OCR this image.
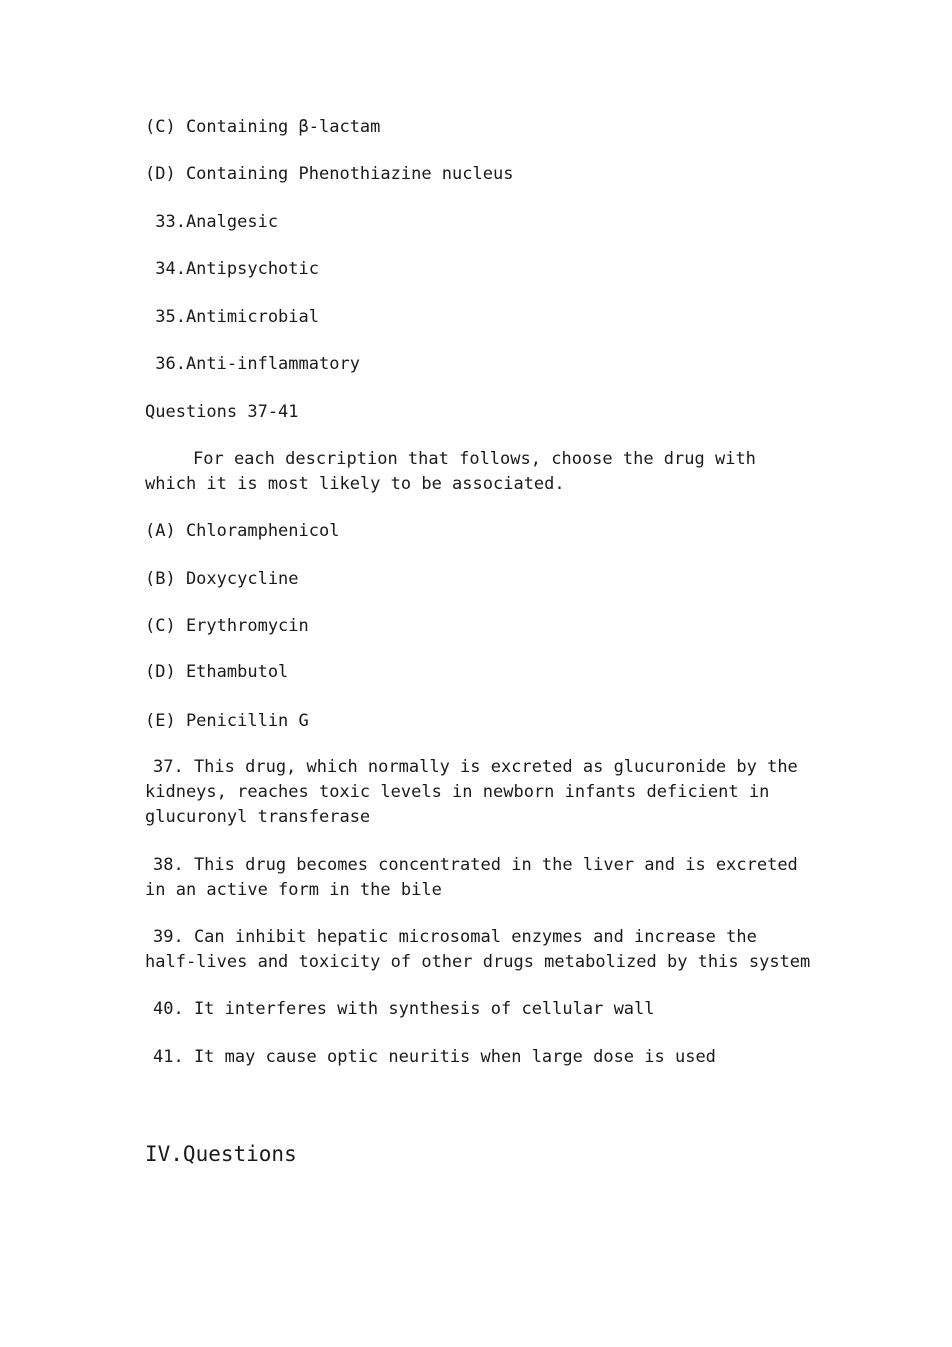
(C) Containing β-lactam
(D) Containing Phenothiazine nucleus
33.Analgesic
34.Antipsychotic
35.Antimicrobial
36.Anti-inflammatory
Questions 37-41
For each description that follows, choose the drug with which it is most likely to be associated.
(A) Chloramphenicol
(B) Doxycycline
(C) Erythromycin
(D) Ethambutol
(E) Penicillin G
37. This drug, which normally is excreted as glucuronide by the kidneys, reaches toxic levels in newborn infants deficient in glucuronyl transferase
38. This drug becomes concentrated in the liver and is excreted in an active form in the bile
39. Can inhibit hepatic microsomal enzymes and increase the half-lives and toxicity of other drugs metabolized by this system
40. It interferes with synthesis of cellular wall
41. It may cause optic neuritis when large dose is used
IV.Questions
